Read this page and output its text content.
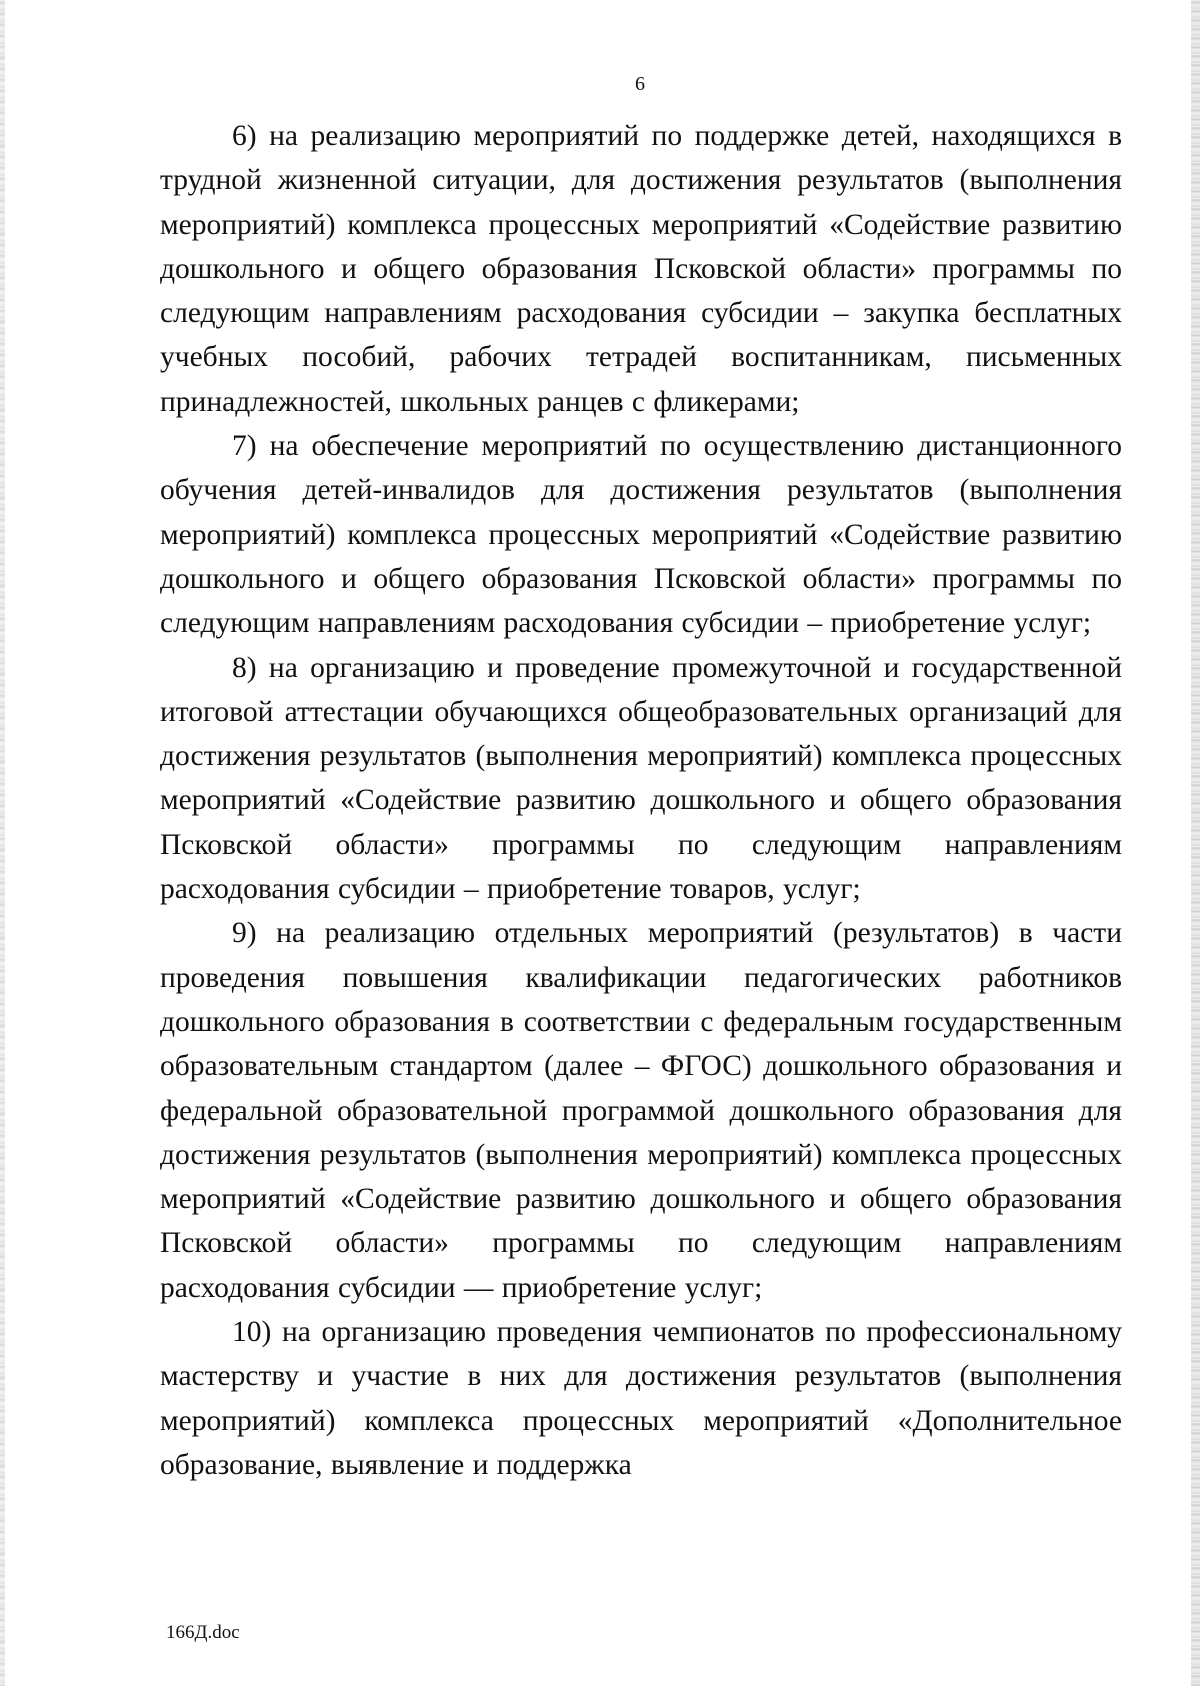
6

6) на реализацию мероприятий по поддержке детей, находящихся в трудной жизненной ситуации, для достижения результатов (выполнения мероприятий) комплекса процессных мероприятий «Содействие развитию дошкольного и общего образования Псковской области» программы по следующим направлениям расходования субсидии – закупка бесплатных учебных пособий, рабочих тетрадей воспитанникам, письменных принадлежностей, школьных ранцев с фликерами;

7) на обеспечение мероприятий по осуществлению дистанционного обучения детей-инвалидов для достижения результатов (выполнения мероприятий) комплекса процессных мероприятий «Содействие развитию дошкольного и общего образования Псковской области» программы по следующим направлениям расходования субсидии – приобретение услуг;

8) на организацию и проведение промежуточной и государственной итоговой аттестации обучающихся общеобразовательных организаций для достижения результатов (выполнения мероприятий) комплекса процессных мероприятий «Содействие развитию дошкольного и общего образования Псковской области» программы по следующим направлениям расходования субсидии – приобретение товаров, услуг;

9) на реализацию отдельных мероприятий (результатов) в части проведения повышения квалификации педагогических работников дошкольного образования в соответствии с федеральным государственным образовательным стандартом (далее – ФГОС) дошкольного образования и федеральной образовательной программой дошкольного образования для достижения результатов (выполнения мероприятий) комплекса процессных мероприятий «Содействие развитию дошкольного и общего образования Псковской области» программы по следующим направлениям расходования субсидии — приобретение услуг;

10) на организацию проведения чемпионатов по профессиональному мастерству и участие в них для достижения результатов (выполнения мероприятий) комплекса процессных мероприятий «Дополнительное образование, выявление и поддержка

166Д.doc
